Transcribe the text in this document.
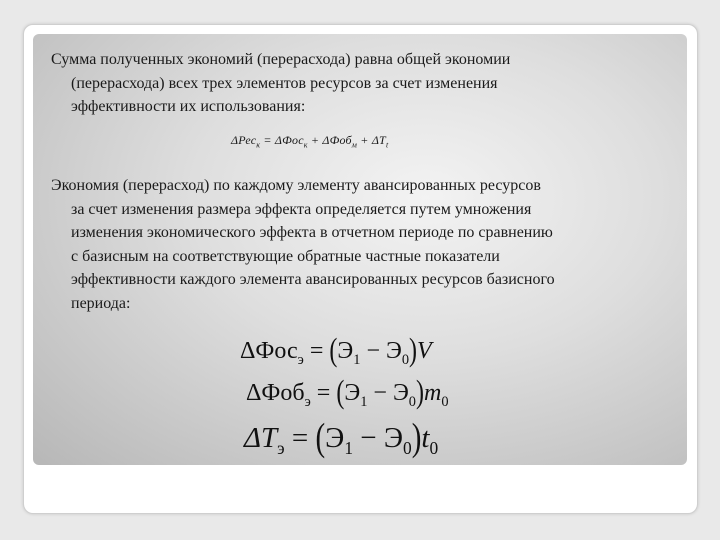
Сумма полученных экономий (перерасхода) равна общей экономии
(перерасхода) всех трех элементов ресурсов за счет изменения
эффективности их использования:

$\Delta Рес_к = \Delta Фос_к + \Delta Фоб_м + \Delta T_t$

Экономия (перерасход) по каждому элементу авансированных ресурсов
за счет изменения размера эффекта определяется путем умножения
изменения экономического эффекта в отчетном периоде по сравнению
с базисным на соответствующие обратные частные показатели
эффективности каждого элемента авансированных ресурсов базисного
периода:

$\Delta Фос_э = (Э_1 - Э_0)V$
$\Delta Фоб_э = (Э_1 - Э_0)m_0$
$\Delta T_э = (Э_1 - Э_0)t_0$
